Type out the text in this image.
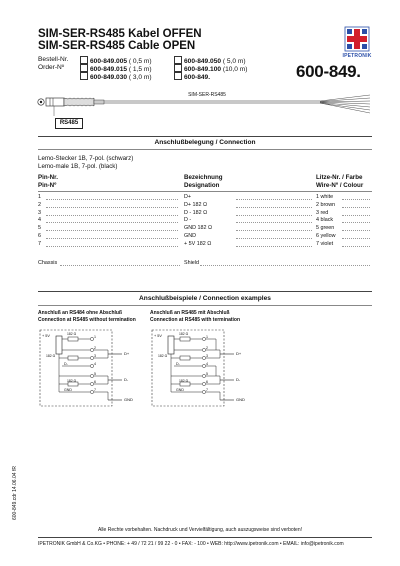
SIM-SER-RS485 Kabel OFFEN
SIM-SER-RS485 Cable OPEN
IPETRONIK
Bestell-Nr.
Order-Nº
600-849.005 ( 0,5 m)	600-849.050 ( 5,0 m)
600-849.015 ( 1,5 m)	600-849.100 (10,0 m)
600-849.030 ( 3,0 m)	600-849.	600-849.
SIM-SER-RS485
RS485
Anschlußbelegung / Connection
Lemo-Stecker 1B, 7-pol. (schwarz)
Lemo-male 1B, 7-pol. (black)
Pin-Nr.
Pin-Nº
Bezeichnung
Designation
Litze-Nr. / Farbe
Wire-Nº / Colour
1	D+	1 white
2	D+ 182 Ω	2 brown
3	D - 182 Ω	3 red
4	D -	4 black
5	GND 182 Ω	5 green
6	GND	6 yellow
7	+ 5V 182 Ω	7 violet
Chassis	Shield
Anschlußbeispiele / Connection examples
Anschluß an RS484 ohne Abschluß
Connection at RS485 without termination
Anschluß an RS485 mit Abschluß
Connection at RS485 with termination
1
2
3
4
5
6
7
+ 5V	182 Ω
182 Ω
182 Ω
D+
D-
D-
GND
GND
1
2
3
4
5
6
7
+ 5V	182 Ω
182 Ω
182 Ω
D+
D-
D-
GND
GND
600-849.cdr 14.06.04 fR
Alle Rechte vorbehalten. Nachdruck und Vervielfältigung, auch auszugsweise sind verboten!
IPETRONIK GmbH & Co.KG • PHONE: + 49 / 72 21 / 99 22 - 0 • FAX: - 100 • WEB: http://www.ipetronik.com • EMAIL: info@ipetronik.com
